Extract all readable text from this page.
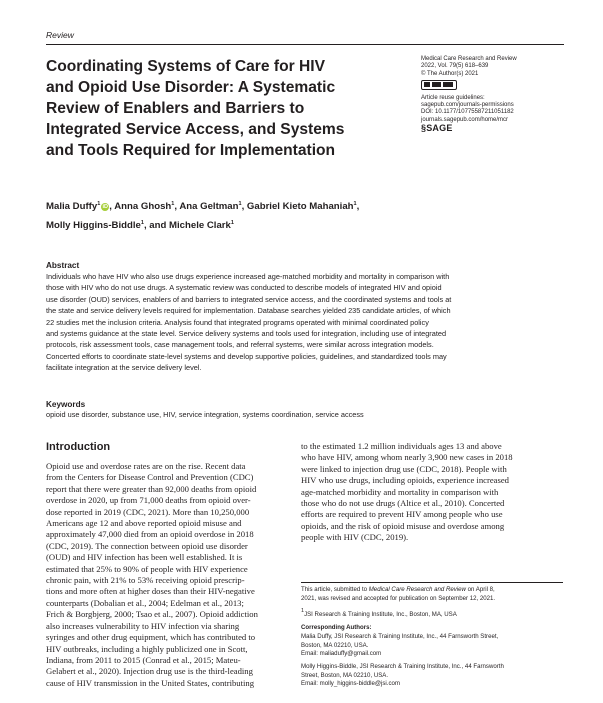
Review
Coordinating Systems of Care for HIV
and Opioid Use Disorder: A Systematic
Review of Enablers and Barriers to
Integrated Service Access, and Systems
and Tools Required for Implementation
Medical Care Research and Review
2022, Vol. 79(5) 618–639
© The Author(s) 2021
Article reuse guidelines:
sagepub.com/journals-permissions
DOI: 10.1177/10775587211051182
journals.sagepub.com/home/mcr
§SAGE
Malia Duffy$^1$ iD, Anna Ghosh$^1$, Ana Geltman$^1$, Gabriel Kieto Mahaniah$^1$,
Molly Higgins-Biddle$^1$, and Michele Clark$^1$
Abstract
Individuals who have HIV who also use drugs experience increased age-matched morbidity and mortality in comparison with
those with HIV who do not use drugs. A systematic review was conducted to describe models of integrated HIV and opioid
use disorder (OUD) services, enablers of and barriers to integrated service access, and the coordinated systems and tools at
the state and service delivery levels required for implementation. Database searches yielded 235 candidate articles, of which
22 studies met the inclusion criteria. Analysis found that integrated programs operated with minimal coordinated policy
and systems guidance at the state level. Service delivery systems and tools used for integration, including use of integrated
protocols, risk assessment tools, case management tools, and referral systems, were similar across integration models.
Concerted efforts to coordinate state-level systems and develop supportive policies, guidelines, and standardized tools may
facilitate integration at the service delivery level.
Keywords
opioid use disorder, substance use, HIV, service integration, systems coordination, service access
Introduction
Opioid use and overdose rates are on the rise. Recent data
from the Centers for Disease Control and Prevention (CDC)
report that there were greater than 92,000 deaths from opioid
overdose in 2020, up from 71,000 deaths from opioid over-
dose reported in 2019 (CDC, 2021). More than 10,250,000
Americans age 12 and above reported opioid misuse and
approximately 47,000 died from an opioid overdose in 2018
(CDC, 2019). The connection between opioid use disorder
(OUD) and HIV infection has been well established. It is
estimated that 25% to 90% of people with HIV experience
chronic pain, with 21% to 53% receiving opioid prescrip-
tions and more often at higher doses than their HIV-negative
counterparts (Dobalian et al., 2004; Edelman et al., 2013;
Frich & Borgbjerg, 2000; Tsao et al., 2007). Opioid addiction
also increases vulnerability to HIV infection via sharing
syringes and other drug equipment, which has contributed to
HIV outbreaks, including a highly publicized one in Scott,
Indiana, from 2011 to 2015 (Conrad et al., 2015; Mateu-
Gelabert et al., 2020). Injection drug use is the third-leading
cause of HIV transmission in the United States, contributing
to the estimated 1.2 million individuals ages 13 and above
who have HIV, among whom nearly 3,900 new cases in 2018
were linked to injection drug use (CDC, 2018). People with
HIV who use drugs, including opioids, experience increased
age-matched morbidity and mortality in comparison with
those who do not use drugs (Altice et al., 2010). Concerted
efforts are required to prevent HIV among people who use
opioids, and the risk of opioid misuse and overdose among
people with HIV (CDC, 2019).
This article, submitted to Medical Care Research and Review on April 8,
2021, was revised and accepted for publication on September 12, 2021.
$^1$JSI Research & Training Institute, Inc., Boston, MA, USA
Corresponding Authors:
Malia Duffy, JSI Research & Training Institute, Inc., 44 Farnsworth Street,
Boston, MA 02210, USA.
Email: maliaduffy@gmail.com
Molly Higgins-Biddle, JSI Research & Training Institute, Inc., 44 Farnsworth
Street, Boston, MA 02210, USA.
Email: molly_higgins-biddle@jsi.com
